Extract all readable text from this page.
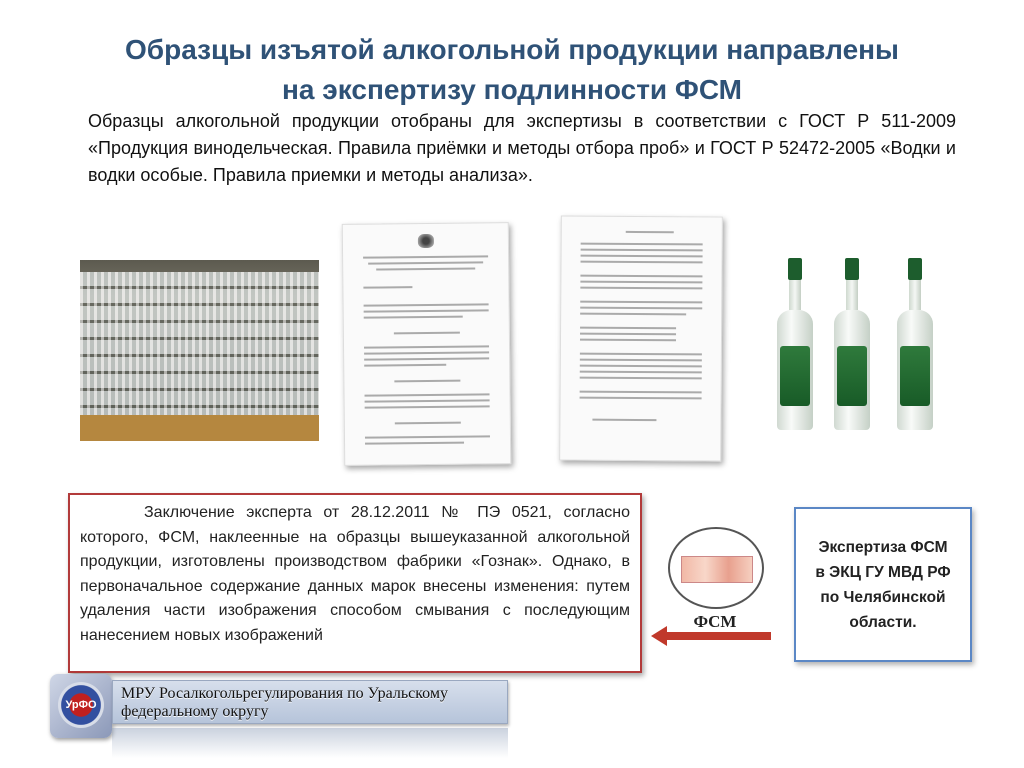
Образцы изъятой алкогольной продукции направлены
на экспертизу подлинности ФСМ
Образцы алкогольной продукции отобраны для экспертизы в соответствии с ГОСТ Р 511-2009 «Продукция винодельческая. Правила приёмки и методы отбора проб» и ГОСТ Р 52472-2005 «Водки и водки особые. Правила приемки и методы анализа».

Заключение эксперта от 28.12.2011 № ПЭ 0521, согласно которого, ФСМ, наклеенные на образцы вышеуказанной алкогольной продукции, изготовлены производством фабрики «Гознак». Однако, в первоначальное содержание данных марок внесены изменения: путем удаления части изображения способом смывания с последующим нанесением новых изображений

ФСМ
Экспертиза ФСМ
в ЭКЦ ГУ МВД РФ
по Челябинской
области.
УрФО
МРУ Росалкогольрегулирования по Уральскому федеральному округу
